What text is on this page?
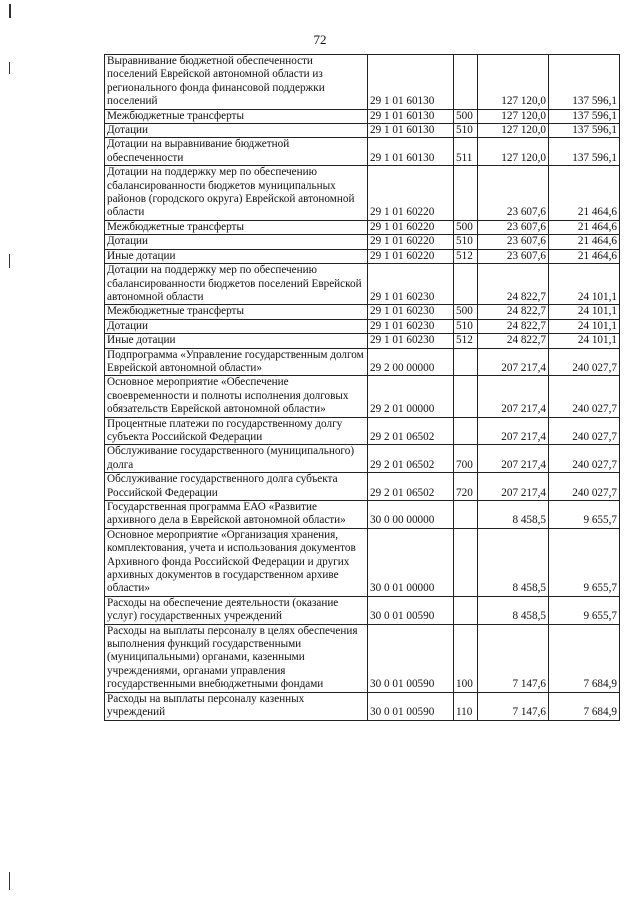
72
Выравнивание бюджетной обеспеченности поселений Еврейской автономной области из регионального фонда финансовой поддержки поселений	29 1 01 60130		127 120,0	137 596,1
Межбюджетные трансферты	29 1 01 60130	500	127 120,0	137 596,1
Дотации	29 1 01 60130	510	127 120,0	137 596,1
Дотации на выравнивание бюджетной обеспеченности	29 1 01 60130	511	127 120,0	137 596,1
Дотации на поддержку мер по обеспечению сбалансированности бюджетов муниципальных районов (городского округа) Еврейской автономной области	29 1 01 60220		23 607,6	21 464,6
Межбюджетные трансферты	29 1 01 60220	500	23 607,6	21 464,6
Дотации	29 1 01 60220	510	23 607,6	21 464,6
Иные дотации	29 1 01 60220	512	23 607,6	21 464,6
Дотации на поддержку мер по обеспечению сбалансированности бюджетов поселений Еврейской автономной области	29 1 01 60230		24 822,7	24 101,1
Межбюджетные трансферты	29 1 01 60230	500	24 822,7	24 101,1
Дотации	29 1 01 60230	510	24 822,7	24 101,1
Иные дотации	29 1 01 60230	512	24 822,7	24 101,1
Подпрограмма «Управление государственным долгом Еврейской автономной области»	29 2 00 00000		207 217,4	240 027,7
Основное мероприятие «Обеспечение своевременности и полноты исполнения долговых обязательств Еврейской автономной области»	29 2 01 00000		207 217,4	240 027,7
Процентные платежи по государственному долгу субъекта Российской Федерации	29 2 01 06502		207 217,4	240 027,7
Обслуживание государственного (муниципального) долга	29 2 01 06502	700	207 217,4	240 027,7
Обслуживание государственного долга субъекта Российской Федерации	29 2 01 06502	720	207 217,4	240 027,7
Государственная программа ЕАО «Развитие архивного дела в Еврейской автономной области»	30 0 00 00000		8 458,5	9 655,7
Основное мероприятие «Организация хранения, комплектования, учета и использования документов Архивного фонда Российской Федерации и других архивных документов в государственном архиве области»	30 0 01 00000		8 458,5	9 655,7
Расходы на обеспечение деятельности (оказание услуг) государственных учреждений	30 0 01 00590		8 458,5	9 655,7
Расходы на выплаты персоналу в целях обеспечения выполнения функций государственными (муниципальными) органами, казенными учреждениями, органами управления государственными внебюджетными фондами	30 0 01 00590	100	7 147,6	7 684,9
Расходы на выплаты персоналу казенных учреждений	30 0 01 00590	110	7 147,6	7 684,9
